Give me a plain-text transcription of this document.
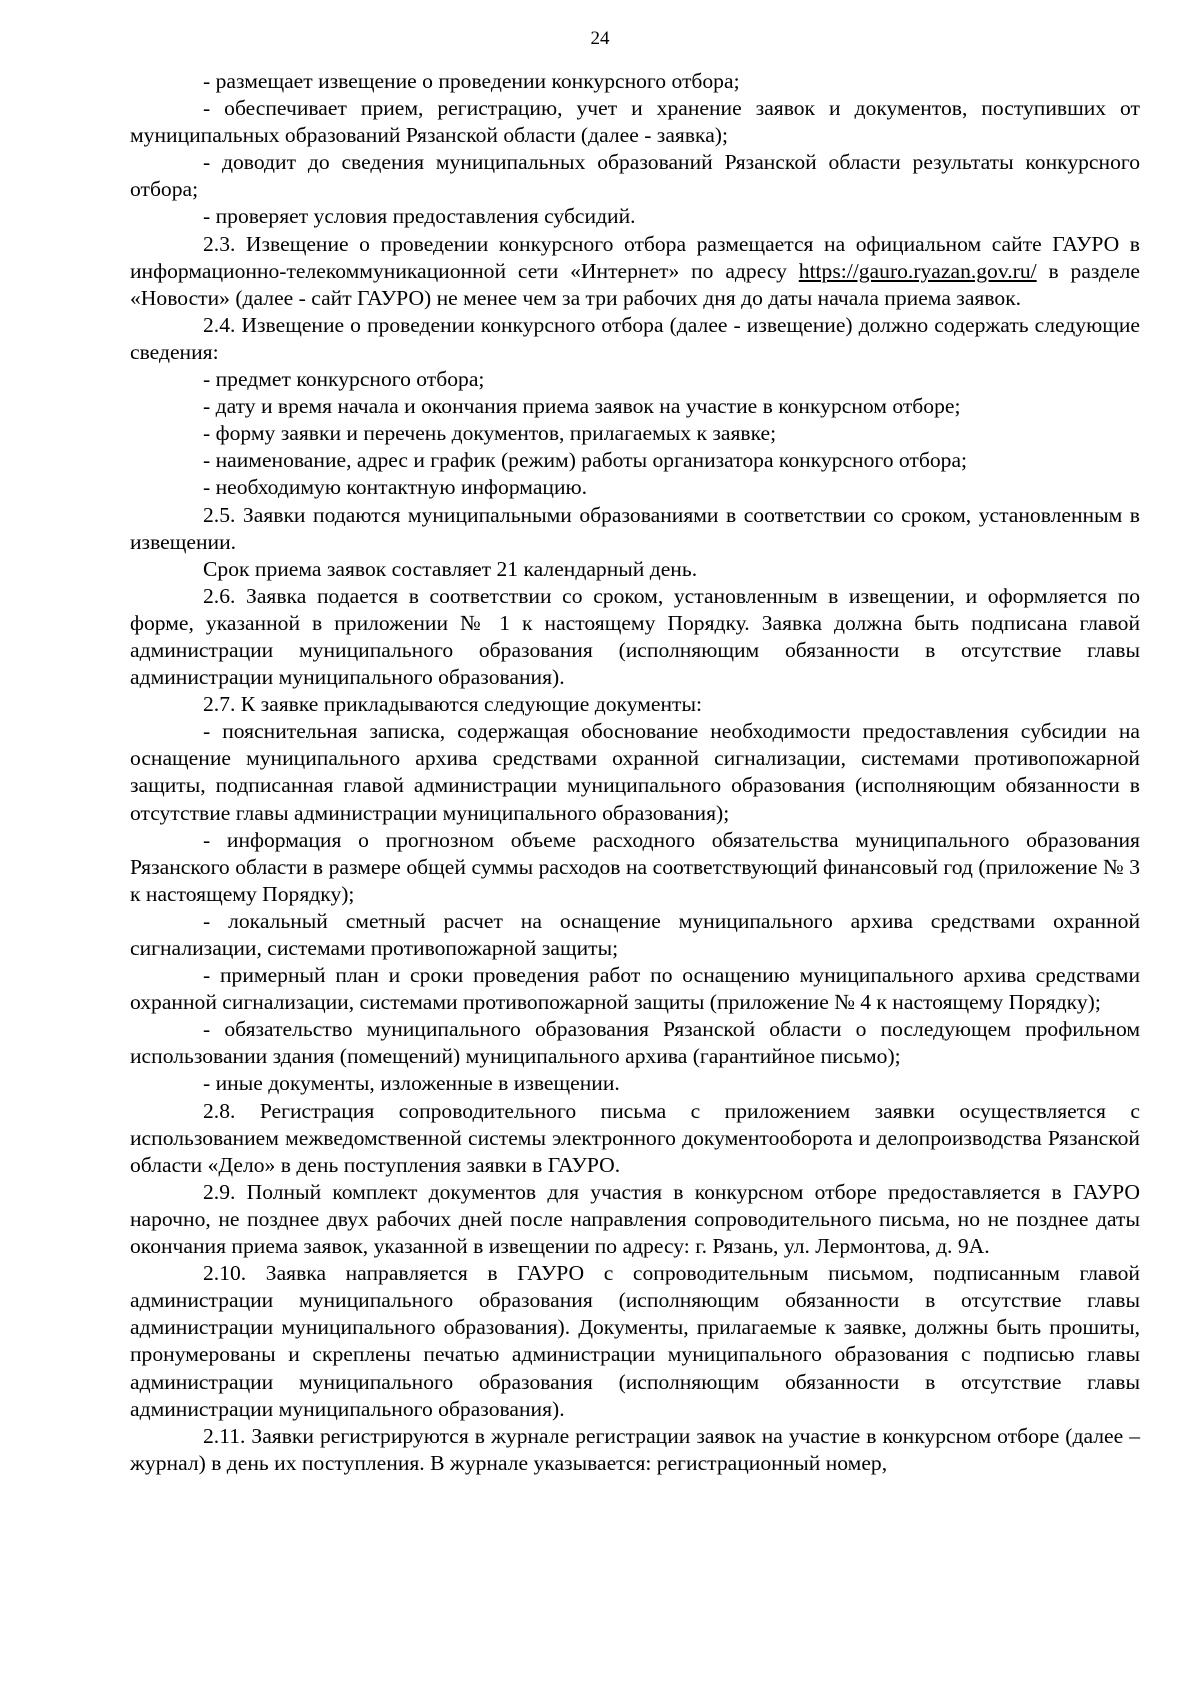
24

- размещает извещение о проведении конкурсного отбора;

- обеспечивает прием, регистрацию, учет и хранение заявок и документов, поступивших от муниципальных образований Рязанской области (далее - заявка);

- доводит до сведения муниципальных образований Рязанской области результаты конкурсного отбора;

- проверяет условия предоставления субсидий.

2.3. Извещение о проведении конкурсного отбора размещается на официальном сайте ГАУРО в информационно-телекоммуникационной сети «Интернет» по адресу https://gauro.ryazan.gov.ru/ в разделе «Новости» (далее - сайт ГАУРО) не менее чем за три рабочих дня до даты начала приема заявок.

2.4. Извещение о проведении конкурсного отбора (далее - извещение) должно содержать следующие сведения:

- предмет конкурсного отбора;

- дату и время начала и окончания приема заявок на участие в конкурсном отборе;

- форму заявки и перечень документов, прилагаемых к заявке;

- наименование, адрес и график (режим) работы организатора конкурсного отбора;

- необходимую контактную информацию.

2.5. Заявки подаются муниципальными образованиями в соответствии со сроком, установленным в извещении.

Срок приема заявок составляет 21 календарный день.

2.6. Заявка подается в соответствии со сроком, установленным в извещении, и оформляется по форме, указанной в приложении № 1 к настоящему Порядку. Заявка должна быть подписана главой администрации муниципального образования (исполняющим обязанности в отсутствие главы администрации муниципального образования).

2.7. К заявке прикладываются следующие документы:

- пояснительная записка, содержащая обоснование необходимости предоставления субсидии на оснащение муниципального архива средствами охранной сигнализации, системами противопожарной защиты, подписанная главой администрации муниципального образования (исполняющим обязанности в отсутствие главы администрации муниципального образования);

- информация о прогнозном объеме расходного обязательства муниципального образования Рязанского области в размере общей суммы расходов на соответствующий финансовый год (приложение № 3 к настоящему Порядку);

- локальный сметный расчет на оснащение муниципального архива средствами охранной сигнализации, системами противопожарной защиты;

- примерный план и сроки проведения работ по оснащению муниципального архива средствами охранной сигнализации, системами противопожарной защиты (приложение № 4 к настоящему Порядку);

- обязательство муниципального образования Рязанской области о последующем профильном использовании здания (помещений) муниципального архива (гарантийное письмо);

- иные документы, изложенные в извещении.

2.8. Регистрация сопроводительного письма с приложением заявки осуществляется с использованием межведомственной системы электронного документооборота и делопроизводства Рязанской области «Дело» в день поступления заявки в ГАУРО.

2.9. Полный комплект документов для участия в конкурсном отборе предоставляется в ГАУРО нарочно, не позднее двух рабочих дней после направления сопроводительного письма, но не позднее даты окончания приема заявок, указанной в извещении по адресу: г. Рязань, ул. Лермонтова, д. 9А.

2.10. Заявка направляется в ГАУРО с сопроводительным письмом, подписанным главой администрации муниципального образования (исполняющим обязанности в отсутствие главы администрации муниципального образования). Документы, прилагаемые к заявке, должны быть прошиты, пронумерованы и скреплены печатью администрации муниципального образования с подписью главы администрации муниципального образования (исполняющим обязанности в отсутствие главы администрации муниципального образования).

2.11. Заявки регистрируются в журнале регистрации заявок на участие в конкурсном отборе (далее – журнал) в день их поступления. В журнале указывается: регистрационный номер,
